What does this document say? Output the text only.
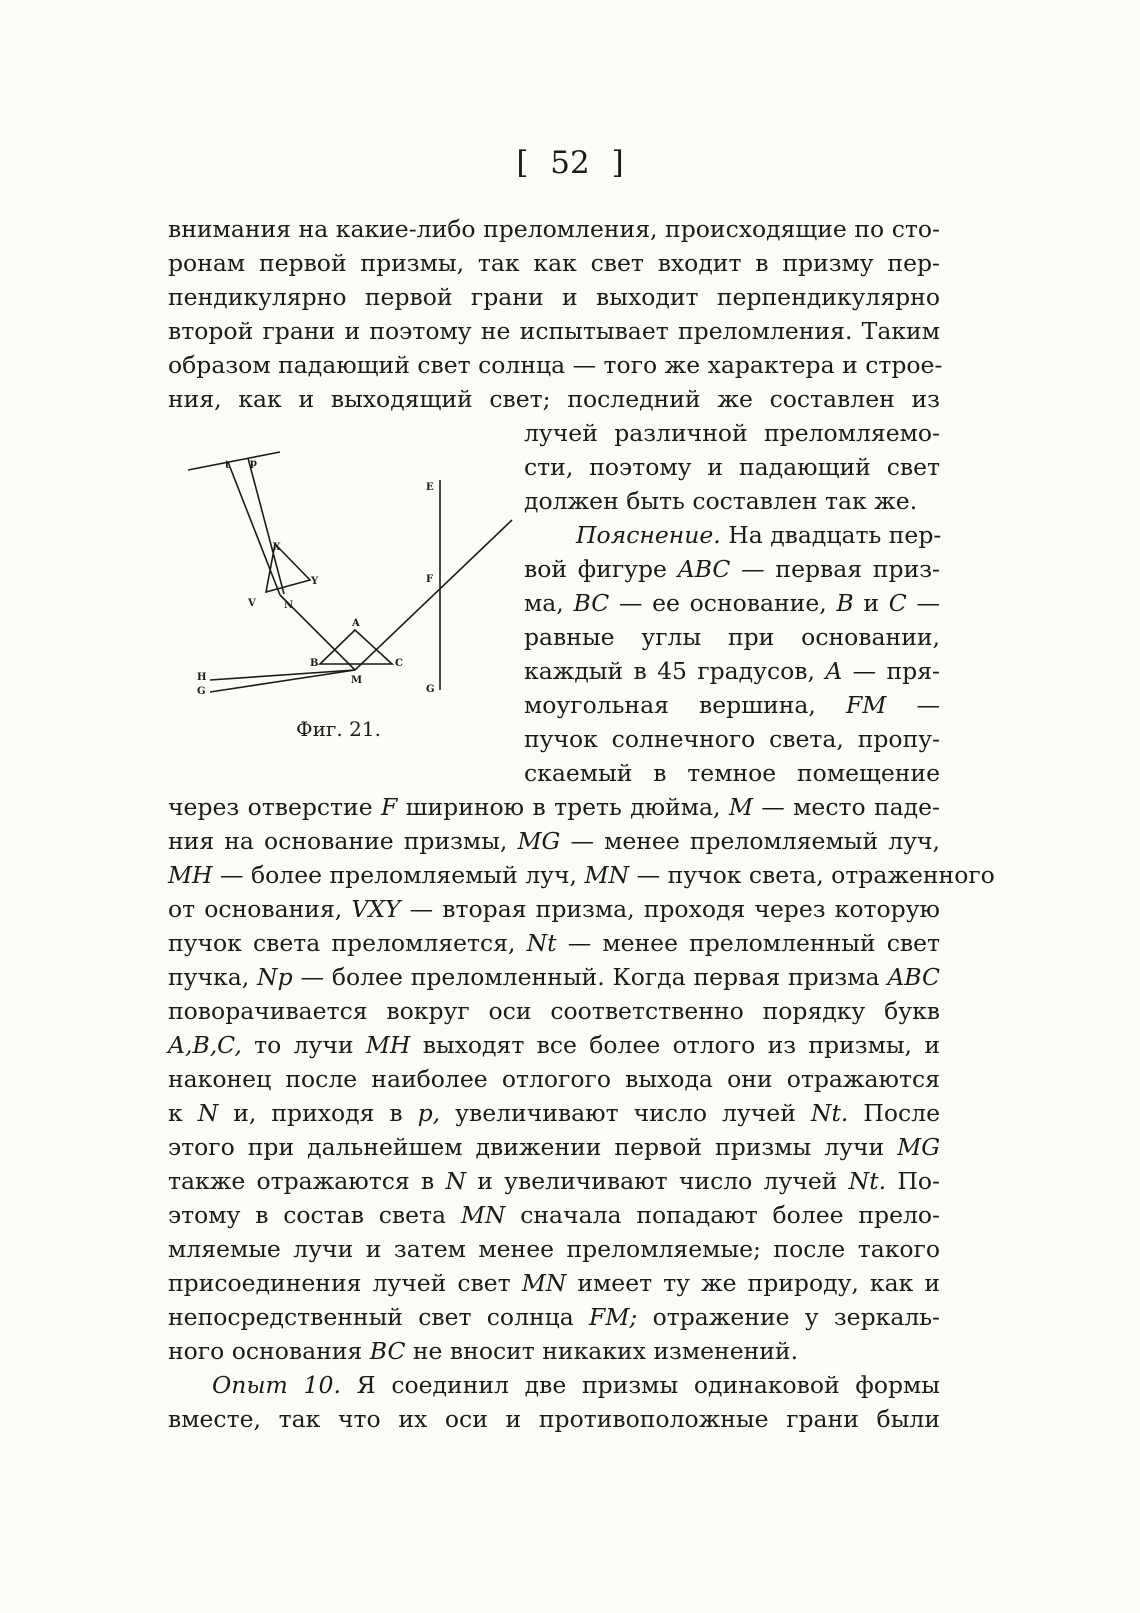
[ 52 ]
внимания на какие-либо преломления, происходящие по сто-
ронам первой призмы, так как свет входит в призму пер-
пендикулярно первой грани и выходит перпендикулярно
второй грани и поэтому не испытывает преломления. Таким
образом падающий свет солнца — того же характера и строе-
ния, как и выходящий свет; последний же составлен из
лучей различной преломляемо-
сти, поэтому и падающий свет
должен быть составлен так же.
Пояснение. На двадцать пер-
вой фигуре ABC — первая приз-
ма, BC — ее основание, B и C —
равные углы при основании,
каждый в 45 градусов, A — пря-
моугольная вершина, FM —
пучок солнечного света, пропу-
скаемый в темное помещение
t p
X
Y
V	N
A
B	C
M
H
G
E
F
G
Фиг. 21.
через отверстие F шириною в треть дюйма, M — место паде-
ния на основание призмы, MG — менее преломляемый луч,
MH — более преломляемый луч, MN — пучок света, отраженного
от основания, VXY — вторая призма, проходя через которую
пучок света преломляется, Nt — менее преломленный свет
пучка, Np — более преломленный. Когда первая призма ABC
поворачивается вокруг оси соответственно порядку букв
A,B,C, то лучи MH выходят все более отлого из призмы, и
наконец после наиболее отлогого выхода они отражаются
к N и, приходя в p, увеличивают число лучей Nt. После
этого при дальнейшем движении первой призмы лучи MG
также отражаются в N и увеличивают число лучей Nt. По-
этому в состав света MN сначала попадают более прело-
мляемые лучи и затем менее преломляемые; после такого
присоединения лучей свет MN имеет ту же природу, как и
непосредственный свет солнца FM; отражение у зеркаль-
ного основания BC не вносит никаких изменений.
Опыт 10. Я соединил две призмы одинаковой формы
вместе, так что их оси и противоположные грани были
